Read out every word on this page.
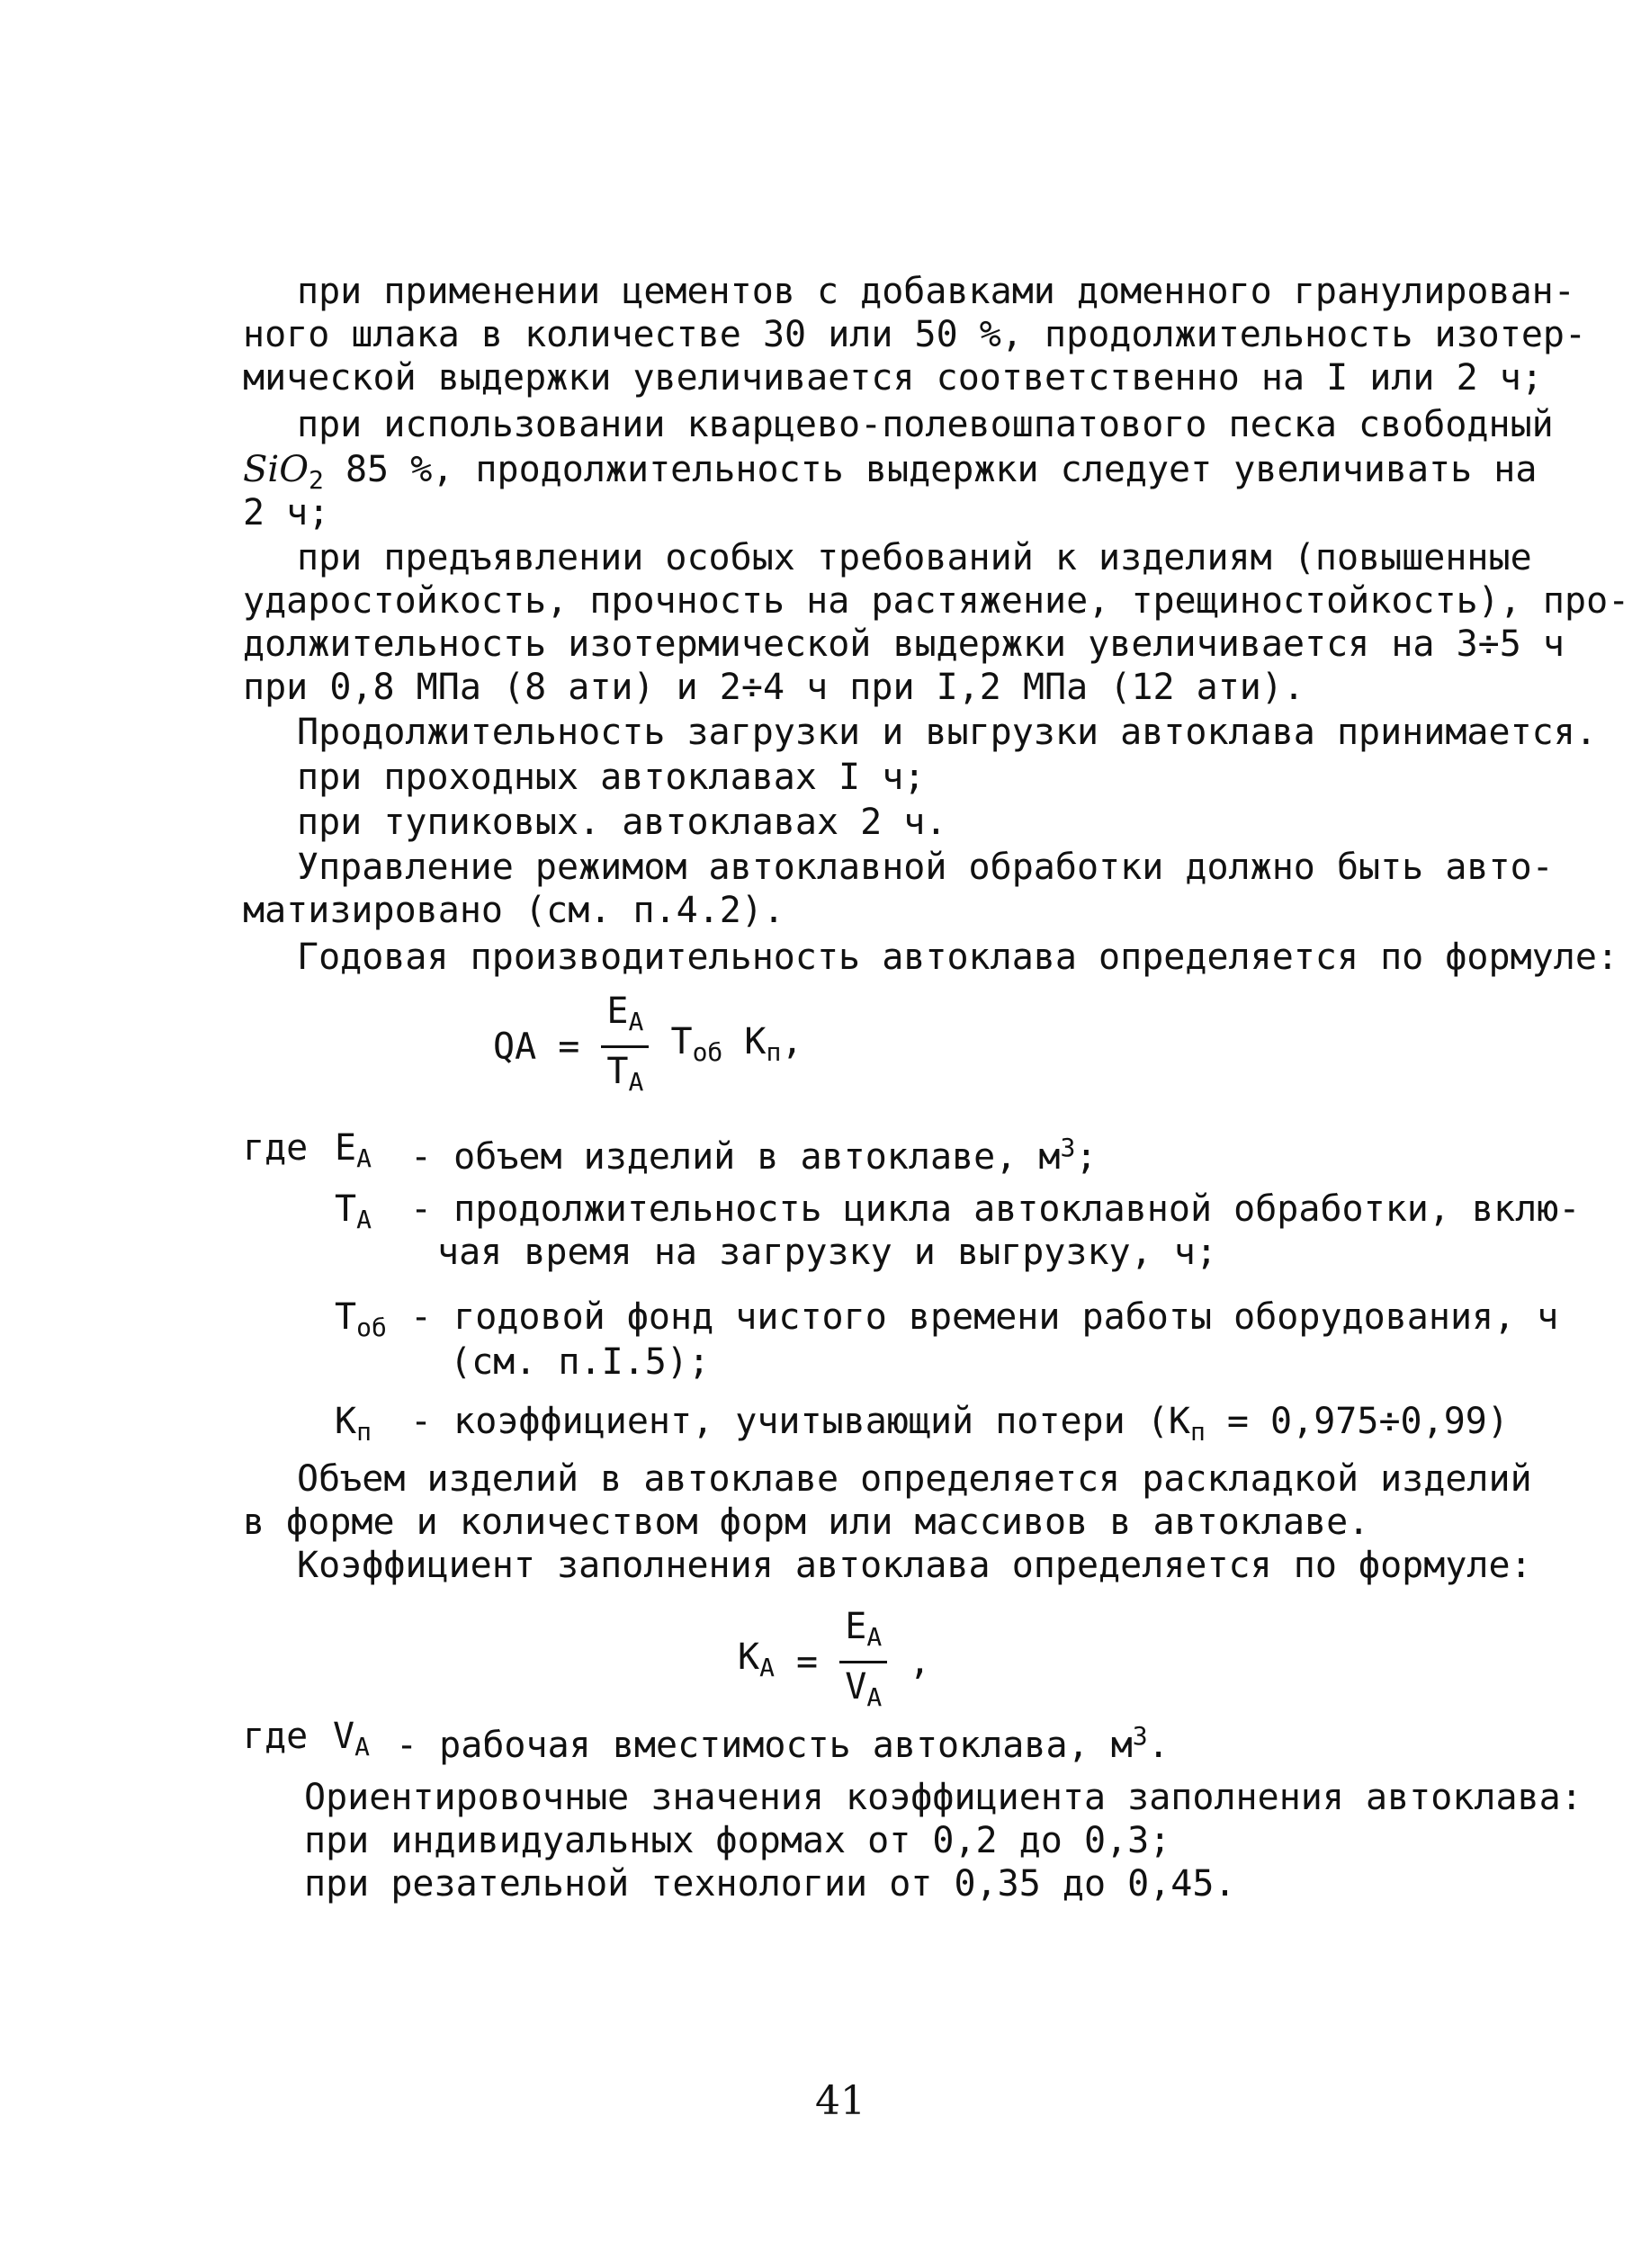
при применении цементов с добавками доменного гранулирован-
ного шлака в количестве 30 или 50 %, продолжительность изотер-
мической выдержки увеличивается соответственно на I или 2 ч;
при использовании кварцево-полевошпатового песка свободный
SiO$_2$ 85 %, продолжительность выдержки следует увеличивать на
2 ч;
при предъявлении особых требований к изделиям (повышенные
ударостойкость, прочность на растяжение, трещиностойкость), про-
должительность изотермической выдержки увеличивается на 3÷5 ч
при 0,8 МПа (8 ати) и 2÷4 ч при I,2 МПа (12 ати).
Продолжительность загрузки и выгрузки автоклава принимается.
при проходных автоклавах I ч;
при тупиковых. автоклавах 2 ч.
Управление режимом автоклавной обработки должно быть авто-
матизировано (см. п.4.2).
Годовая производительность автоклава определяется по формуле:
QA = $\frac{E_A}{T_A} T_{об}$ $K_п$,
где $E_A$ - объем изделий в автоклаве, $м^3$;
$T_A$ - продолжительность цикла автоклавной обработки, вклю-
чая время на загрузку и выгрузку, ч;
$T_{об}$ - годовой фонд чистого времени работы оборудования, ч
(см. п.I.5);
$K_п$ - коэффициент, учитывающий потери $(K_п = 0,975\div 0,99)$
Объем изделий в автоклаве определяется раскладкой изделий
в форме и количеством форм или массивов в автоклаве.
Коэффициент заполнения автоклава определяется по формуле:
$K_A = \frac{E_A}{V_A}$ ,
где $V_A$ - рабочая вместимость автоклава, $м^3$.
Ориентировочные значения коэффициента заполнения автоклава:
при индивидуальных формах от 0,2 до 0,3;
при резательной технологии от 0,35 до 0,45.
41
